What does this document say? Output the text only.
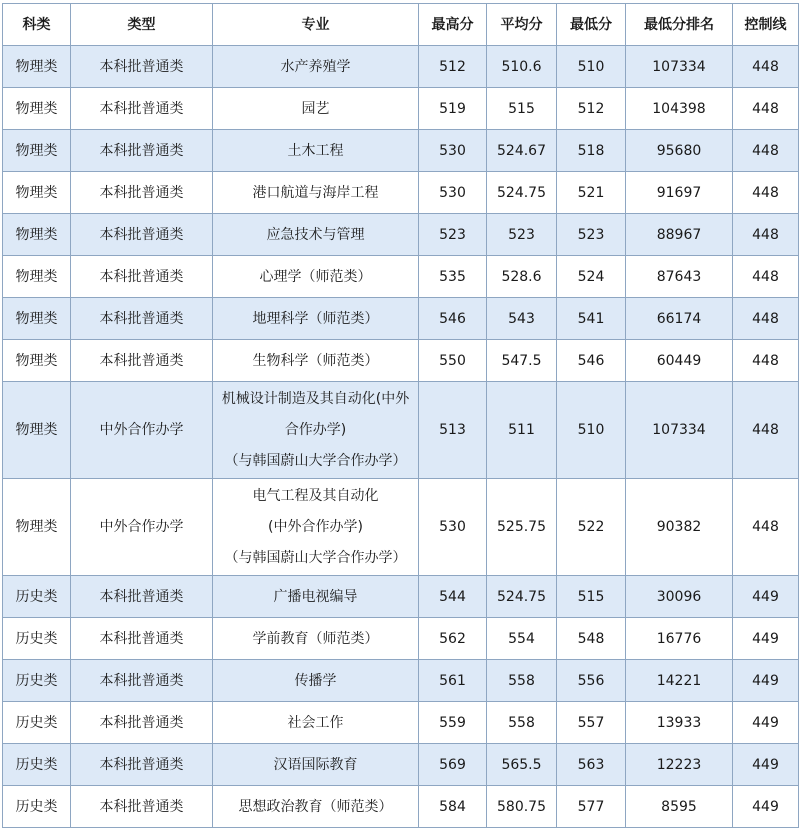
科类	类型	专业	最高分	平均分	最低分	最低分排名	控制线
物理类	本科批普通类	水产养殖学	512	510.6	510	107334	448
物理类	本科批普通类	园艺	519	515	512	104398	448
物理类	本科批普通类	土木工程	530	524.67	518	95680	448
物理类	本科批普通类	港口航道与海岸工程	530	524.75	521	91697	448
物理类	本科批普通类	应急技术与管理	523	523	523	88967	448
物理类	本科批普通类	心理学（师范类）	535	528.6	524	87643	448
物理类	本科批普通类	地理科学（师范类）	546	543	541	66174	448
物理类	本科批普通类	生物科学（师范类）	550	547.5	546	60449	448
物理类	中外合作办学	机械设计制造及其自动化(中外
合作办学)
（与韩国蔚山大学合作办学）	513	511	510	107334	448
物理类	中外合作办学	电气工程及其自动化
(中外合作办学)
（与韩国蔚山大学合作办学）	530	525.75	522	90382	448
历史类	本科批普通类	广播电视编导	544	524.75	515	30096	449
历史类	本科批普通类	学前教育（师范类）	562	554	548	16776	449
历史类	本科批普通类	传播学	561	558	556	14221	449
历史类	本科批普通类	社会工作	559	558	557	13933	449
历史类	本科批普通类	汉语国际教育	569	565.5	563	12223	449
历史类	本科批普通类	思想政治教育（师范类）	584	580.75	577	8595	449
